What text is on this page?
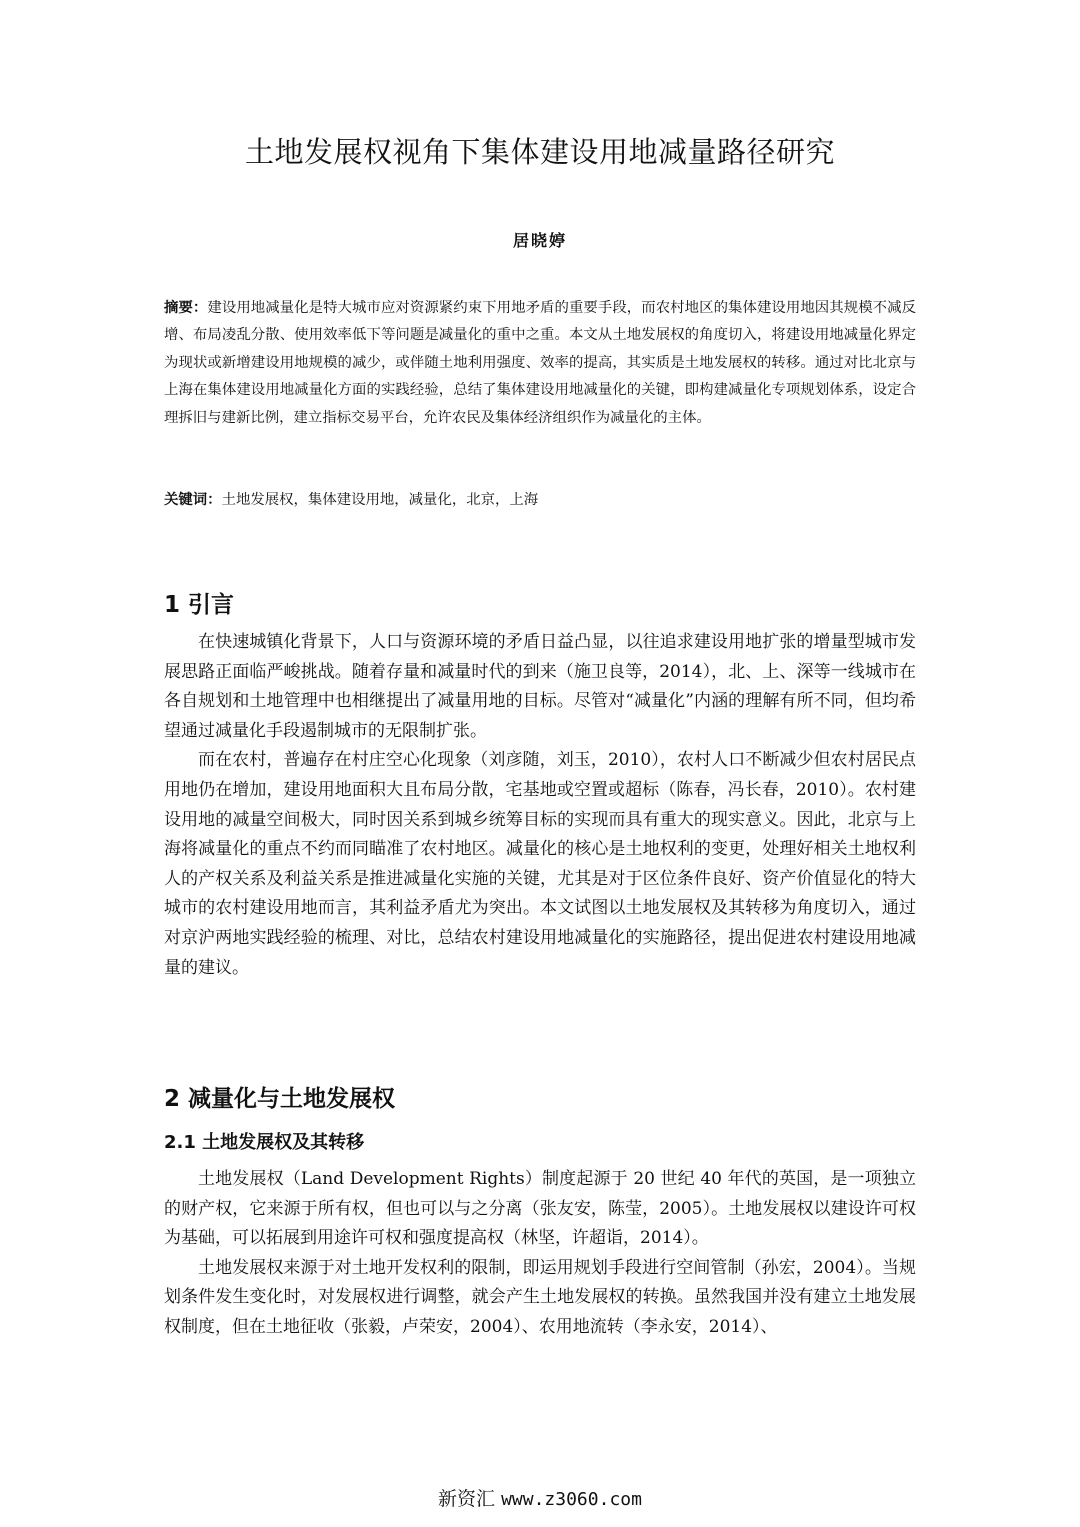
土地发展权视角下集体建设用地减量路径研究
居晓婷
摘要：建设用地减量化是特大城市应对资源紧约束下用地矛盾的重要手段，而农村地区的集体建设用地因其规模不减反增、布局凌乱分散、使用效率低下等问题是减量化的重中之重。本文从土地发展权的角度切入，将建设用地减量化界定为现状或新增建设用地规模的减少，或伴随土地利用强度、效率的提高，其实质是土地发展权的转移。通过对比北京与上海在集体建设用地减量化方面的实践经验，总结了集体建设用地减量化的关键，即构建减量化专项规划体系，设定合理拆旧与建新比例，建立指标交易平台，允许农民及集体经济组织作为减量化的主体。
关键词：土地发展权，集体建设用地，减量化，北京，上海
1 引言

在快速城镇化背景下，人口与资源环境的矛盾日益凸显，以往追求建设用地扩张的增量型城市发展思路正面临严峻挑战。随着存量和减量时代的到来（施卫良等，2014），北、上、深等一线城市在各自规划和土地管理中也相继提出了减量用地的目标。尽管对“减量化”内涵的理解有所不同，但均希望通过减量化手段遏制城市的无限制扩张。

而在农村，普遍存在村庄空心化现象（刘彦随，刘玉，2010），农村人口不断减少但农村居民点用地仍在增加，建设用地面积大且布局分散，宅基地或空置或超标（陈春，冯长春，2010）。农村建设用地的减量空间极大，同时因关系到城乡统筹目标的实现而具有重大的现实意义。因此，北京与上海将减量化的重点不约而同瞄准了农村地区。减量化的核心是土地权利的变更，处理好相关土地权利人的产权关系及利益关系是推进减量化实施的关键，尤其是对于区位条件良好、资产价值显化的特大城市的农村建设用地而言，其利益矛盾尤为突出。本文试图以土地发展权及其转移为角度切入，通过对京沪两地实践经验的梳理、对比，总结农村建设用地减量化的实施路径，提出促进农村建设用地减量的建议。

2 减量化与土地发展权
2.1 土地发展权及其转移

土地发展权（Land Development Rights）制度起源于 20 世纪 40 年代的英国，是一项独立的财产权，它来源于所有权，但也可以与之分离（张友安，陈莹，2005）。土地发展权以建设许可权为基础，可以拓展到用途许可权和强度提高权（林坚，许超诣，2014）。

土地发展权来源于对土地开发权利的限制，即运用规划手段进行空间管制（孙宏，2004）。当规划条件发生变化时，对发展权进行调整，就会产生土地发展权的转换。虽然我国并没有建立土地发展权制度，但在土地征收（张毅，卢荣安，2004）、农用地流转（李永安，2014）、

新资汇 www.z3060.com
